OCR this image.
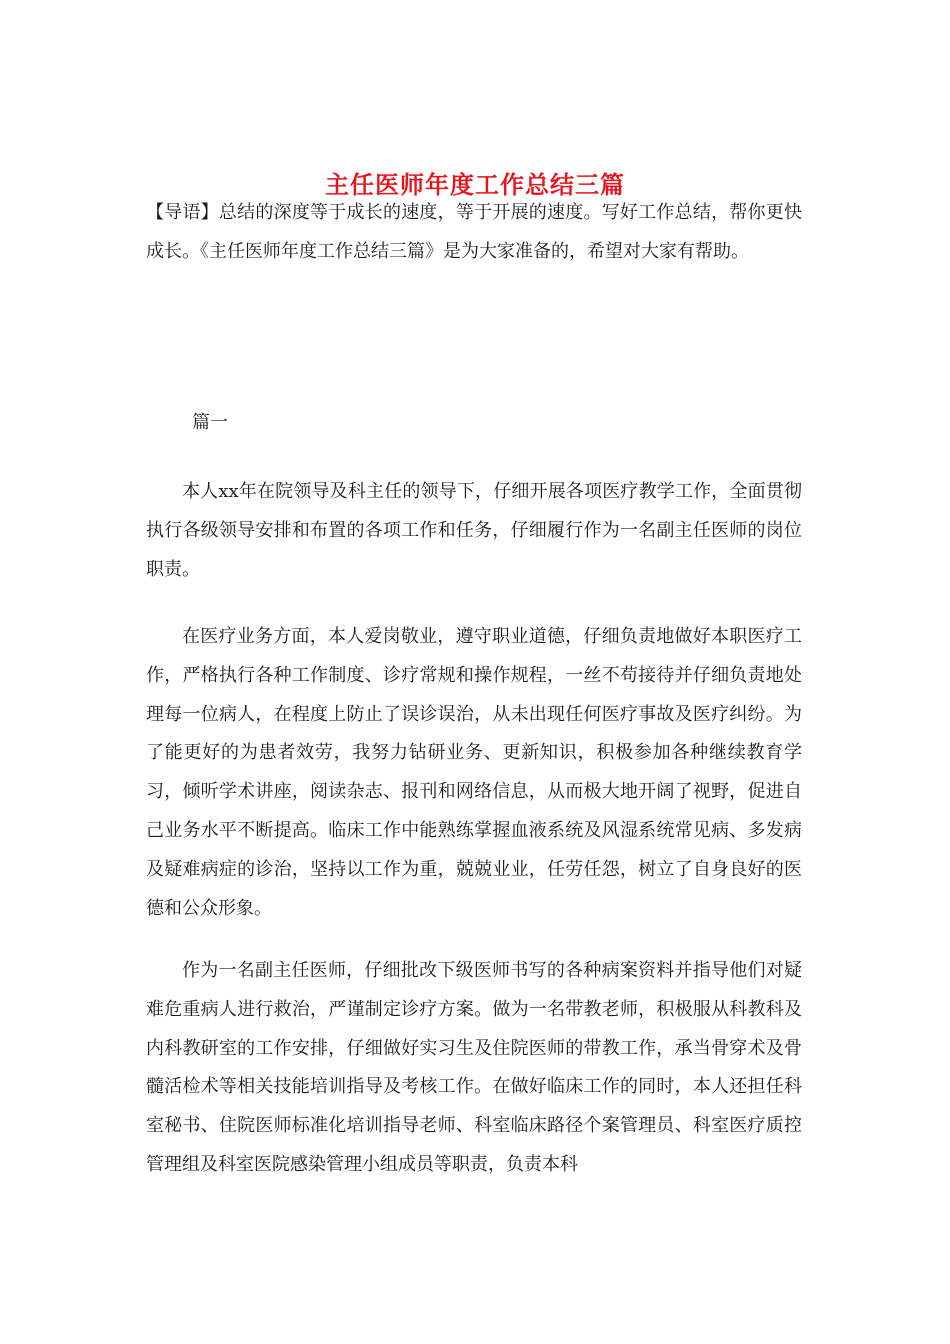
主任医师年度工作总结三篇

【导语】总结的深度等于成长的速度，等于开展的速度。写好工作总结，帮你更快成长。《主任医师年度工作总结三篇》是为大家准备的，希望对大家有帮助。

篇一

本人xx年在院领导及科主任的领导下，仔细开展各项医疗教学工作，全面贯彻执行各级领导安排和布置的各项工作和任务，仔细履行作为一名副主任医师的岗位职责。

在医疗业务方面，本人爱岗敬业，遵守职业道德，仔细负责地做好本职医疗工作，严格执行各种工作制度、诊疗常规和操作规程，一丝不苟接待并仔细负责地处理每一位病人，在程度上防止了误诊误治，从未出现任何医疗事故及医疗纠纷。为了能更好的为患者效劳，我努力钻研业务、更新知识，积极参加各种继续教育学习，倾听学术讲座，阅读杂志、报刊和网络信息，从而极大地开阔了视野，促进自己业务水平不断提高。临床工作中能熟练掌握血液系统及风湿系统常见病、多发病及疑难病症的诊治，坚持以工作为重，兢兢业业，任劳任怨，树立了自身良好的医德和公众形象。

作为一名副主任医师，仔细批改下级医师书写的各种病案资料并指导他们对疑难危重病人进行救治，严谨制定诊疗方案。做为一名带教老师，积极服从科教科及内科教研室的工作安排，仔细做好实习生及住院医师的带教工作，承当骨穿术及骨髓活检术等相关技能培训指导及考核工作。在做好临床工作的同时，本人还担任科室秘书、住院医师标准化培训指导老师、科室临床路径个案管理员、科室医疗质控管理组及科室医院感染管理小组成员等职责，负责本科
